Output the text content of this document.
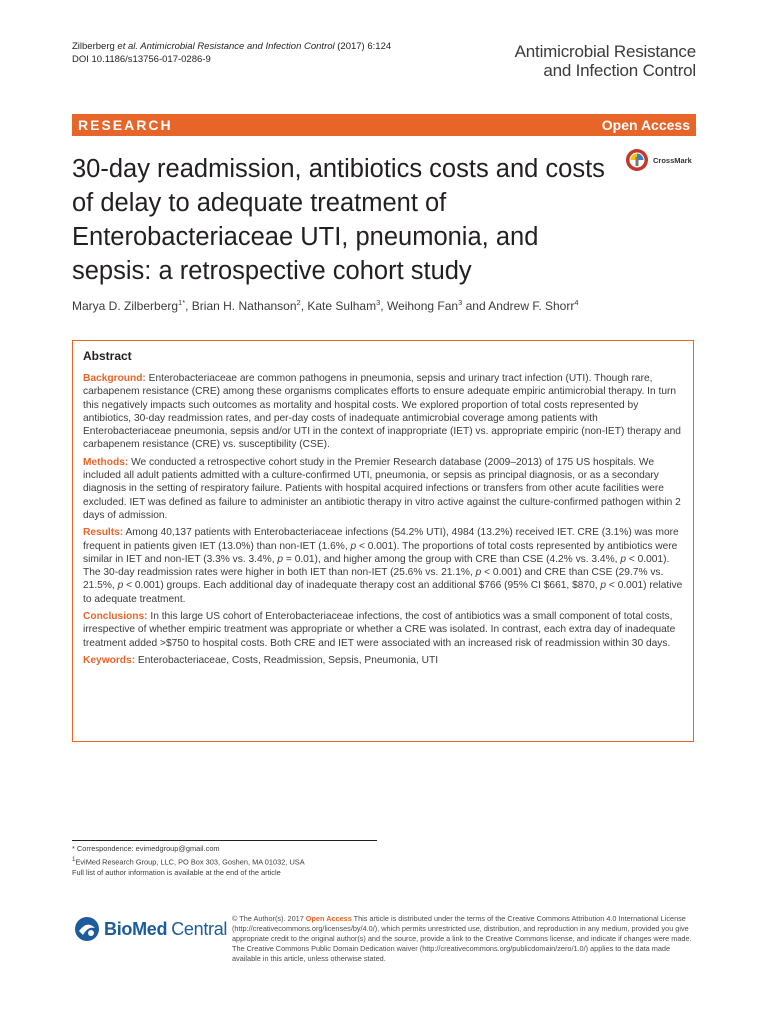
Zilberberg et al. Antimicrobial Resistance and Infection Control (2017) 6:124
DOI 10.1186/s13756-017-0286-9	Antimicrobial Resistance
and Infection Control
RESEARCH	Open Access
30-day readmission, antibiotics costs and costs of delay to adequate treatment of Enterobacteriaceae UTI, pneumonia, and sepsis: a retrospective cohort study
CrossMark
Marya D. Zilberberg$^{1*}$, Brian H. Nathanson$^2$, Kate Sulham$^3$, Weihong Fan$^3$ and Andrew F. Shorr$^4$
Abstract

Background: Enterobacteriaceae are common pathogens in pneumonia, sepsis and urinary tract infection (UTI). Though rare, carbapenem resistance (CRE) among these organisms complicates efforts to ensure adequate empiric antimicrobial therapy. In turn this negatively impacts such outcomes as mortality and hospital costs. We explored proportion of total costs represented by antibiotics, 30-day readmission rates, and per-day costs of inadequate antimicrobial coverage among patients with Enterobacteriaceae pneumonia, sepsis and/or UTI in the context of inappropriate (IET) vs. appropriate empiric (non-IET) therapy and carbapenem resistance (CRE) vs. susceptibility (CSE).

Methods: We conducted a retrospective cohort study in the Premier Research database (2009–2013) of 175 US hospitals. We included all adult patients admitted with a culture-confirmed UTI, pneumonia, or sepsis as principal diagnosis, or as a secondary diagnosis in the setting of respiratory failure. Patients with hospital acquired infections or transfers from other acute facilities were excluded. IET was defined as failure to administer an antibiotic therapy in vitro active against the culture-confirmed pathogen within 2 days of admission.

Results: Among 40,137 patients with Enterobacteriaceae infections (54.2% UTI), 4984 (13.2%) received IET. CRE (3.1%) was more frequent in patients given IET (13.0%) than non-IET (1.6%, p < 0.001). The proportions of total costs represented by antibiotics were similar in IET and non-IET (3.3% vs. 3.4%, p = 0.01), and higher among the group with CRE than CSE (4.2% vs. 3.4%, p < 0.001). The 30-day readmission rates were higher in both IET than non-IET (25.6% vs. 21.1%, p < 0.001) and CRE than CSE (29.7% vs. 21.5%, p < 0.001) groups. Each additional day of inadequate therapy cost an additional $766 (95% CI $661, $870, p < 0.001) relative to adequate treatment.

Conclusions: In this large US cohort of Enterobacteriaceae infections, the cost of antibiotics was a small component of total costs, irrespective of whether empiric treatment was appropriate or whether a CRE was isolated. In contrast, each extra day of inadequate treatment added >$750 to hospital costs. Both CRE and IET were associated with an increased risk of readmission within 30 days.

Keywords: Enterobacteriaceae, Costs, Readmission, Sepsis, Pneumonia, UTI

* Correspondence: evimedgroup@gmail.com
$^1$EviMed Research Group, LLC, PO Box 303, Goshen, MA 01032, USA
Full list of author information is available at the end of the article
BioMed Central © The Author(s). 2017 Open Access This article is distributed under the terms of the Creative Commons Attribution 4.0 International License (http://creativecommons.org/licenses/by/4.0/), which permits unrestricted use, distribution, and reproduction in any medium, provided you give appropriate credit to the original author(s) and the source, provide a link to the Creative Commons license, and indicate if changes were made. The Creative Commons Public Domain Dedication waiver (http://creativecommons.org/publicdomain/zero/1.0/) applies to the data made available in this article, unless otherwise stated.
